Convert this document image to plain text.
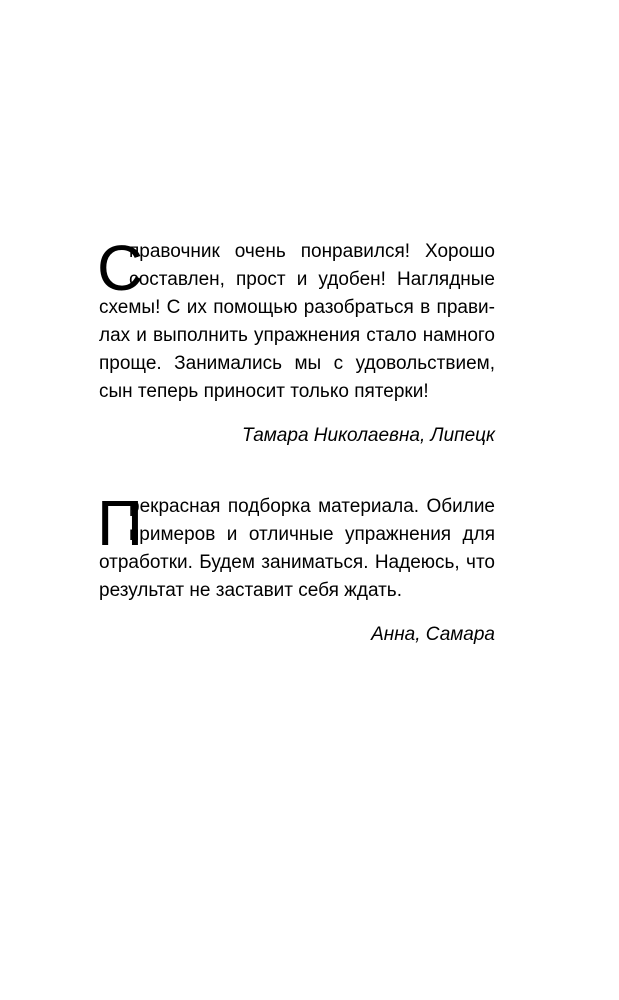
С
правочник очень понравился! Хорошо
составлен, прост и удобен! Наглядные
схемы! С их помощью разобраться в прави-
лах и выполнить упражнения стало намного
проще. Занимались мы с удовольствием,
сын теперь приносит только пятерки!
Тамара Николаевна, Липецк
П
рекрасная подборка материала. Обилие
примеров и отличные упражнения для
отработки. Будем заниматься. Надеюсь, что
результат не заставит себя ждать.
Анна, Самара
